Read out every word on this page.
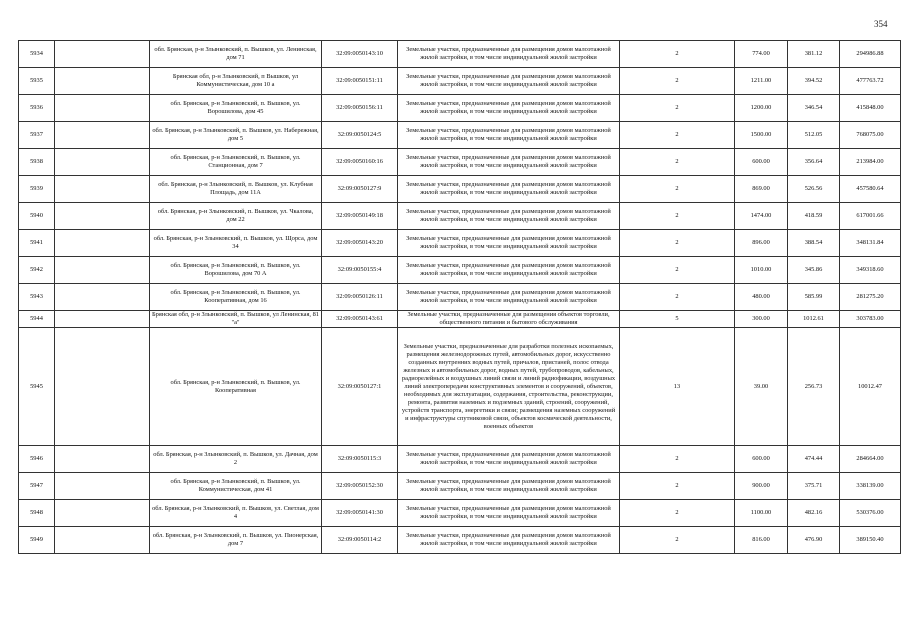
354
5934		обл. Брянская, р-н Злынковский, п. Вышков, ул. Ленинская, дом 71	32:09:0050143:10	Земельные участки, предназначенные для размещения домов малоэтажной жилой застройки, в том числе индивидуальной жилой застройки	2	774.00	381.12	294986.88
5935		Брянская обл, р-н Злынковский, п Вышков, ул Коммунистическая, дом 10 а	32:09:0050151:11	Земельные участки, предназначенные для размещения домов малоэтажной жилой застройки, в том числе индивидуальной жилой застройки	2	1211.00	394.52	477763.72
5936		обл. Брянская, р-н Злынковский, п. Вышков, ул. Ворошилова, дом 45	32:09:0050156:11	Земельные участки, предназначенные для размещения домов малоэтажной жилой застройки, в том числе индивидуальной жилой застройки	2	1200.00	346.54	415848.00
5937		обл. Брянская, р-н Злынковский, п. Вышков, ул. Набережная, дом 5	32:09:0050124:5	Земельные участки, предназначенные для размещения домов малоэтажной жилой застройки, в том числе индивидуальной жилой застройки	2	1500.00	512.05	768075.00
5938		обл. Брянская, р-н Злынковский, п. Вышков, ул. Станционная, дом 7	32:09:0050160:16	Земельные участки, предназначенные для размещения домов малоэтажной жилой застройки, в том числе индивидуальной жилой застройки	2	600.00	356.64	213984.00
5939		обл. Брянская, р-н Злынковский, п. Вышков, ул. Клубная Площадь, дом 11А	32:09:0050127:9	Земельные участки, предназначенные для размещения домов малоэтажной жилой застройки, в том числе индивидуальной жилой застройки	2	869.00	526.56	457580.64
5940		обл. Брянская, р-н Злынковский, п. Вышков, ул. Чкалова, дом 22	32:09:0050149:18	Земельные участки, предназначенные для размещения домов малоэтажной жилой застройки, в том числе индивидуальной жилой застройки	2	1474.00	418.59	617001.66
5941		обл. Брянская, р-н Злынковский, п. Вышков, ул. Щорса, дом 34	32:09:0050143:20	Земельные участки, предназначенные для размещения домов малоэтажной жилой застройки, в том числе индивидуальной жилой застройки	2	896.00	388.54	348131.84
5942		обл. Брянская, р-н Злынковский, п. Вышков, ул. Ворошилова, дом 70 А	32:09:0050155:4	Земельные участки, предназначенные для размещения домов малоэтажной жилой застройки, в том числе индивидуальной жилой застройки	2	1010.00	345.86	349318.60
5943		обл. Брянская, р-н Злынковский, п. Вышков, ул. Кооперативная, дом 16	32:09:0050126:11	Земельные участки, предназначенные для размещения домов малоэтажной жилой застройки, в том числе индивидуальной жилой застройки	2	480.00	585.99	281275.20
5944		Брянская обл, р-н Злынковский, п. Вышков, ул Ленинская, 81 "а"	32:09:0050143:61	Земельные участки, предназначенные для размещения объектов торговли, общественного питания и бытового обслуживания	5	300.00	1012.61	303783.00
5945		обл. Брянская, р-н Злынковский, п. Вышков, ул. Кооперативная	32:09:0050127:1	Земельные участки, предназначенные для разработки полезных ископаемых, размещения железнодорожных путей, автомобильных дорог, искусственно созданных внутренних водных путей, причалов, пристаней, полос отвода железных и автомобильных дорог, водных путей, трубопроводов, кабельных, радиорелейных и воздушных линий связи и линий радиофикации, воздушных линий электропередачи конструктивных элементов и сооружений, объектов, необходимых для эксплуатации, содержания, строительства, реконструкции, ремонта, развития наземных и подземных зданий, строений, сооружений, устройств транспорта, энергетики и связи; размещения наземных сооружений и инфраструктуры спутниковой связи, объектов космической деятельности, военных объектов	13	39.00	256.73	10012.47
5946		обл. Брянская, р-н Злынковский, п. Вышков, ул. Дачная, дом 2	32:09:0050115:3	Земельные участки, предназначенные для размещения домов малоэтажной жилой застройки, в том числе индивидуальной жилой застройки	2	600.00	474.44	284664.00
5947		обл. Брянская, р-н Злынковский, п. Вышков, ул. Коммунистическая, дом 41	32:09:0050152:30	Земельные участки, предназначенные для размещения домов малоэтажной жилой застройки, в том числе индивидуальной жилой застройки	2	900.00	375.71	338139.00
5948		обл. Брянская, р-н Злынковский, п. Вышков, ул. Светлая, дом 4	32:09:0050141:30	Земельные участки, предназначенные для размещения домов малоэтажной жилой застройки, в том числе индивидуальной жилой застройки	2	1100.00	482.16	530376.00
5949		обл. Брянская, р-н Злынковский, п. Вышков, ул. Пионерская, дом 7	32:09:0050114:2	Земельные участки, предназначенные для размещения домов малоэтажной жилой застройки, в том числе индивидуальной жилой застройки	2	816.00	476.90	389150.40
